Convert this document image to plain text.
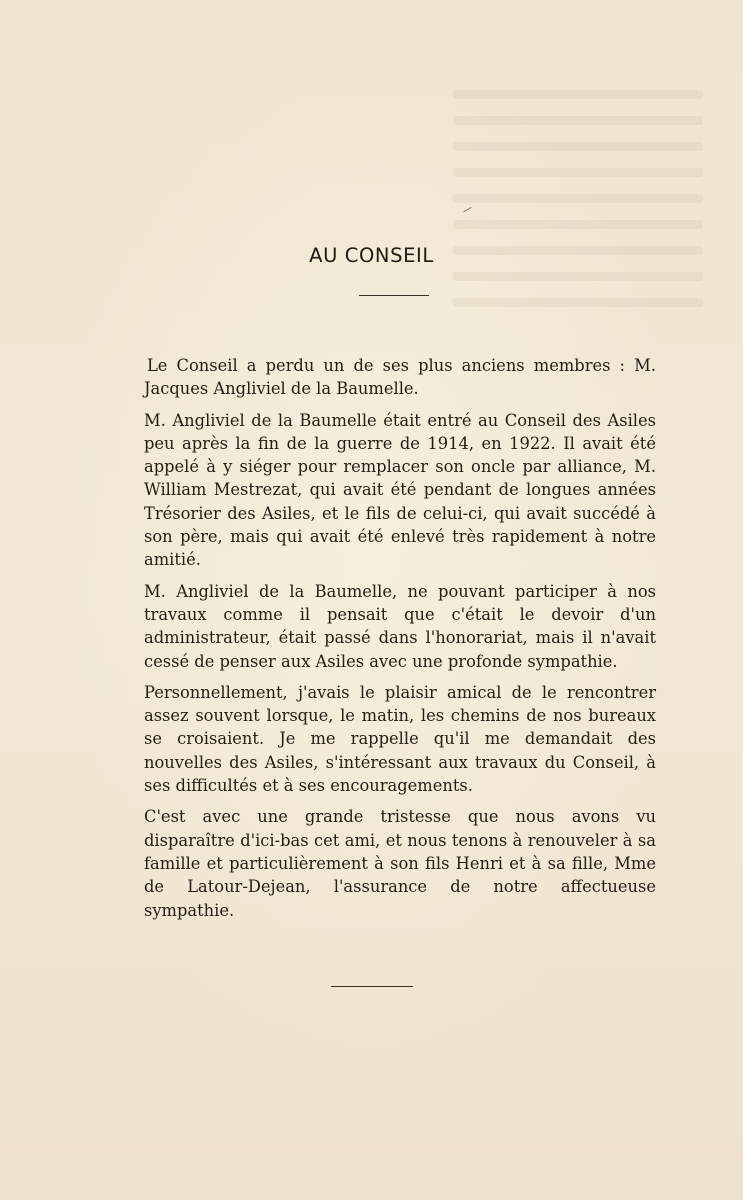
AU CONSEIL

Le Conseil a perdu un de ses plus anciens membres : M. Jacques Angliviel de la Baumelle.

M. Angliviel de la Baumelle était entré au Conseil des Asiles peu après la fin de la guerre de 1914, en 1922. Il avait été appelé à y siéger pour remplacer son oncle par alliance, M. William Mestrezat, qui avait été pendant de longues années Trésorier des Asiles, et le fils de celui-ci, qui avait succédé à son père, mais qui avait été enlevé très rapidement à notre amitié.

M. Angliviel de la Baumelle, ne pouvant participer à nos travaux comme il pensait que c'était le devoir d'un administrateur, était passé dans l'honorariat, mais il n'avait cessé de penser aux Asiles avec une profonde sympathie.

Personnellement, j'avais le plaisir amical de le rencontrer assez souvent lorsque, le matin, les chemins de nos bureaux se croisaient. Je me rappelle qu'il me demandait des nouvelles des Asiles, s'intéressant aux travaux du Conseil, à ses difficultés et à ses encouragements.

C'est avec une grande tristesse que nous avons vu disparaître d'ici-bas cet ami, et nous tenons à renouveler à sa famille et particulièrement à son fils Henri et à sa fille, Mme de Latour-Dejean, l'assurance de notre affectueuse sympathie.
